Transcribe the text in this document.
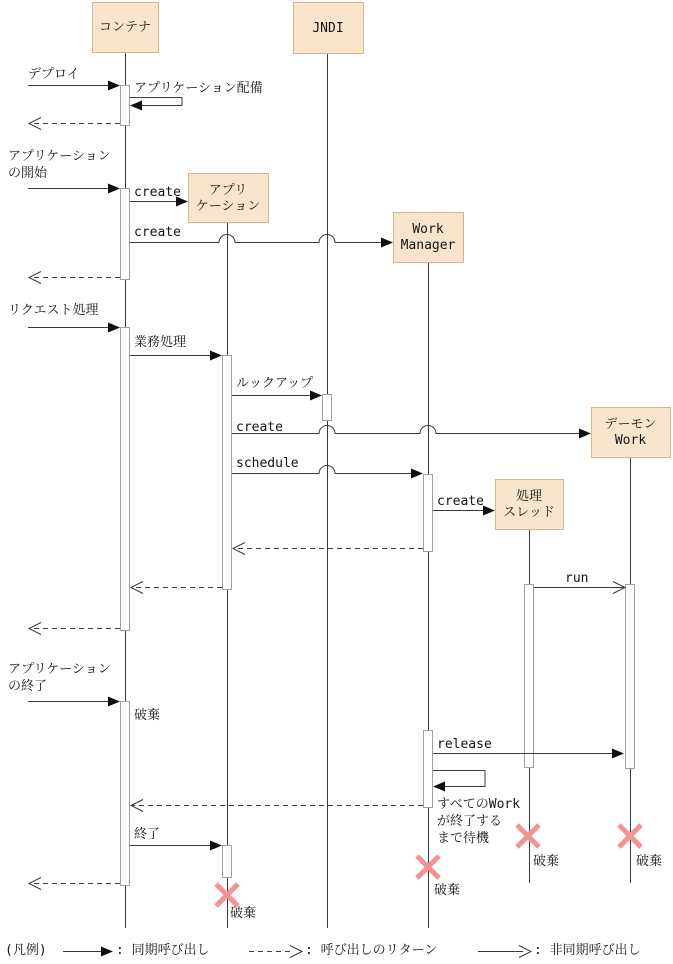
コンテナ	JNDI
アプリ
ケーション
Work
Manager
処理
スレッド
デーモン
Work
デプロイ
アプリケーション配備
アプリケーション
の開始
create
create
リクエスト処理
業務処理
ルックアップ
create
schedule
create
run
アプリケーション
の終了
破棄
release
すべてのWork
が終了する
まで待機
終了
破棄
破棄
破棄	破棄
(凡例)	: 同期呼び出し	: 呼び出しのリターン	: 非同期呼び出し
